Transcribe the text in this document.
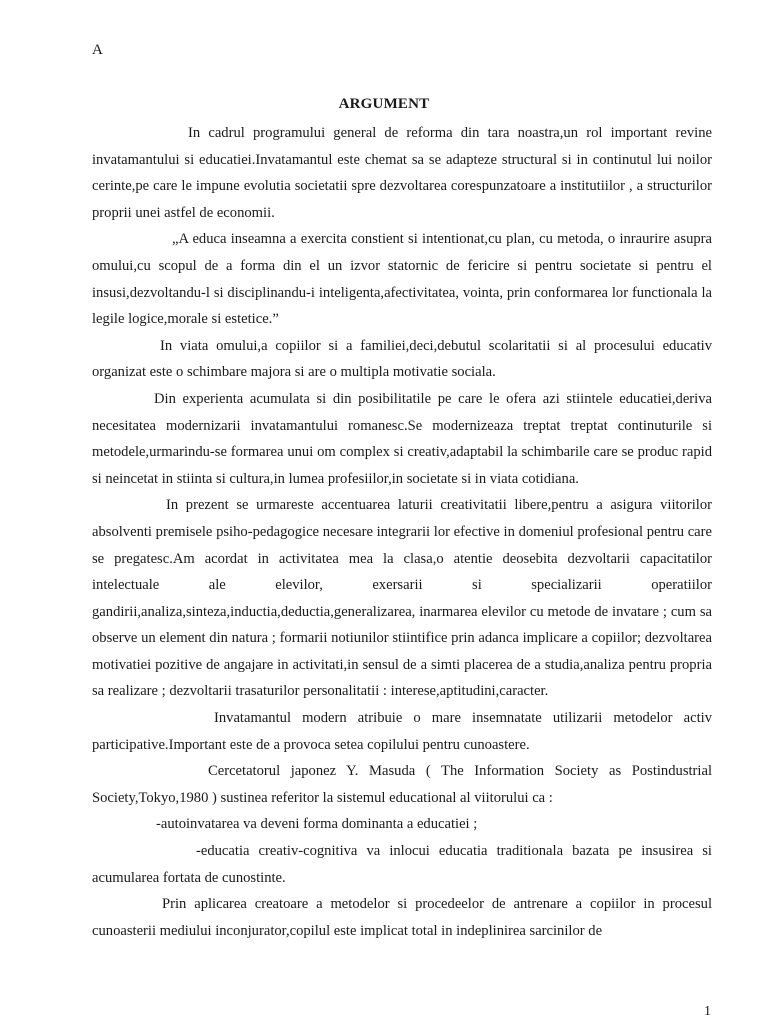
A
ARGUMENT

In cadrul programului general de reforma din tara noastra,un rol important revine invatamantului si educatiei.Invatamantul este chemat sa se adapteze structural si in continutul lui noilor cerinte,pe care le impune evolutia societatii spre dezvoltarea corespunzatoare a institutiilor , a structurilor proprii unei astfel de economii.

„A educa inseamna a exercita constient si intentionat,cu plan, cu metoda, o inraurire asupra omului,cu scopul de a forma din el un izvor statornic de fericire si pentru societate si pentru el insusi,dezvoltandu-l si disciplinandu-i inteligenta,afectivitatea, vointa, prin conformarea lor functionala la legile logice,morale si estetice.”

In viata omului,a copiilor si a familiei,deci,debutul scolaritatii si al procesului educativ organizat este o schimbare majora si are o multipla motivatie sociala.

Din experienta acumulata si din posibilitatile pe care le ofera azi stiintele educatiei,deriva necesitatea modernizarii invatamantului romanesc.Se modernizeaza treptat treptat continuturile si metodele,urmarindu-se formarea unui om complex si creativ,adaptabil la schimbarile care se produc rapid si neincetat in stiinta si cultura,in lumea profesiilor,in societate si in viata cotidiana.

In prezent se urmareste accentuarea laturii creativitatii libere,pentru a asigura viitorilor absolventi premisele psiho-pedagogice necesare integrarii lor efective in domeniul profesional pentru care se pregatesc.Am acordat in activitatea mea la clasa,o atentie deosebita dezvoltarii capacitatilor intelectuale ale elevilor, exersarii si specializarii operatiilor gandirii,analiza,sinteza,inductia,deductia,generalizarea, inarmarea elevilor cu metode de invatare ; cum sa observe un element din natura ; formarii notiunilor stiintifice prin adanca implicare a copiilor; dezvoltarea motivatiei pozitive de angajare in activitati,in sensul de a simti placerea de a studia,analiza pentru propria sa realizare ; dezvoltarii trasaturilor personalitatii : interese,aptitudini,caracter.

Invatamantul modern atribuie o mare insemnatate utilizarii metodelor activ participative.Important este de a provoca setea copilului pentru cunoastere.

Cercetatorul japonez Y. Masuda ( The Information Society as Postindustrial Society,Tokyo,1980 ) sustinea referitor la sistemul educational al viitorului ca :

-autoinvatarea va deveni forma dominanta a educatiei ;

-educatia creativ-cognitiva va inlocui educatia traditionala bazata pe insusirea si acumularea fortata de cunostinte.

Prin aplicarea creatoare a metodelor si procedeelor de antrenare a copiilor in procesul cunoasterii mediului inconjurator,copilul este implicat total in indeplinirea sarcinilor de

1
